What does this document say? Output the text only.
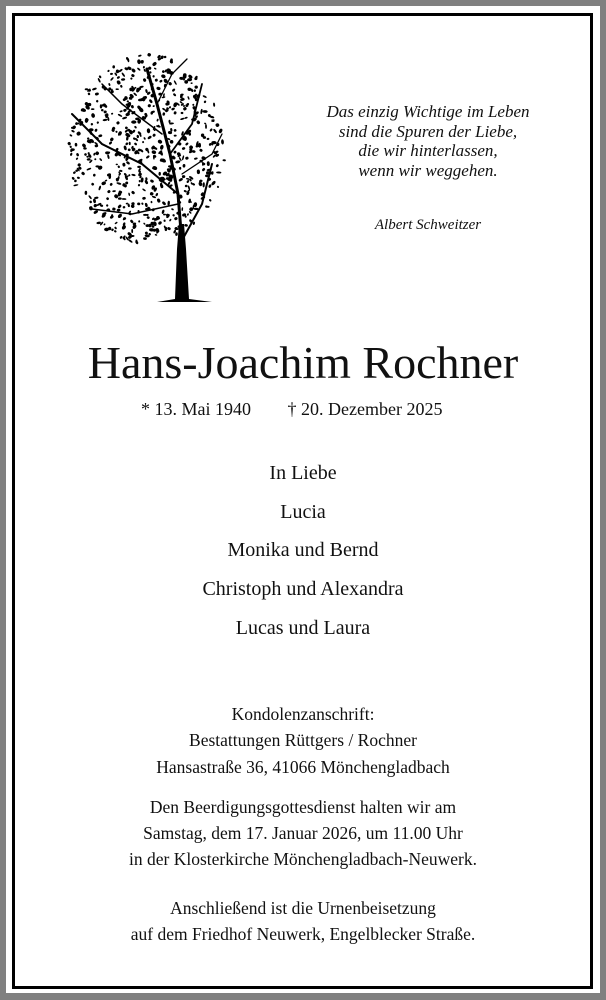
Das einzig Wichtige im Leben
sind die Spuren der Liebe,
die wir hinterlassen,
wenn wir weggehen.
Albert Schweitzer
Hans-Joachim Rochner
* 13. Mai 1940	† 20. Dezember 2025
In Liebe
Lucia
Monika und Bernd
Christoph und Alexandra
Lucas und Laura
Kondolenzanschrift:
Bestattungen Rüttgers / Rochner
Hansastraße 36, 41066 Mönchengladbach
Den Beerdigungsgottesdienst halten wir am
Samstag, dem 17. Januar 2026, um 11.00 Uhr
in der Klosterkirche Mönchengladbach-Neuwerk.
Anschließend ist die Urnenbeisetzung
auf dem Friedhof Neuwerk, Engelblecker Straße.
